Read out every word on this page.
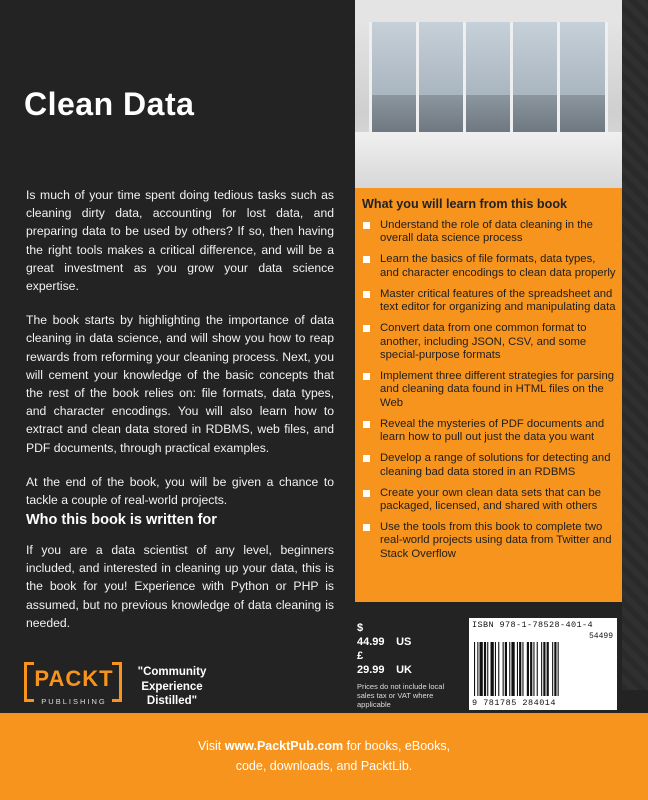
Clean Data

Is much of your time spent doing tedious tasks such as cleaning dirty data, accounting for lost data, and preparing data to be used by others? If so, then having the right tools makes a critical difference, and will be a great investment as you grow your data science expertise.

The book starts by highlighting the importance of data cleaning in data science, and will show you how to reap rewards from reforming your cleaning process. Next, you will cement your knowledge of the basic concepts that the rest of the book relies on: file formats, data types, and character encodings. You will also learn how to extract and clean data stored in RDBMS, web files, and PDF documents, through practical examples.

At the end of the book, you will be given a chance to tackle a couple of real-world projects.

Who this book is written for

If you are a data scientist of any level, beginners included, and interested in cleaning up your data, this is the book for you! Experience with Python or PHP is assumed, but no previous knowledge of data cleaning is needed.

What you will learn from this book
Understand the role of data cleaning in the overall data science process
Learn the basics of file formats, data types, and character encodings to clean data properly
Master critical features of the spreadsheet and text editor for organizing and manipulating data
Convert data from one common format to another, including JSON, CSV, and some special-purpose formats
Implement three different strategies for parsing and cleaning data found in HTML files on the Web
Reveal the mysteries of PDF documents and learn how to pull out just the data you want
Develop a range of solutions for detecting and cleaning bad data stored in an RDBMS
Create your own clean data sets that can be packaged, licensed, and shared with others
Use the tools from this book to complete two real-world projects using data from Twitter and Stack Overflow
$ 44.99 US
£ 29.99 UK
Prices do not include local sales tax or VAT where applicable
ISBN 978-1-78528-401-4
54499
9 781785 284014
PACKT
PUBLISHING
"Community Experience Distilled"

Visit www.PacktPub.com for books, eBooks,
code, downloads, and PacktLib.
